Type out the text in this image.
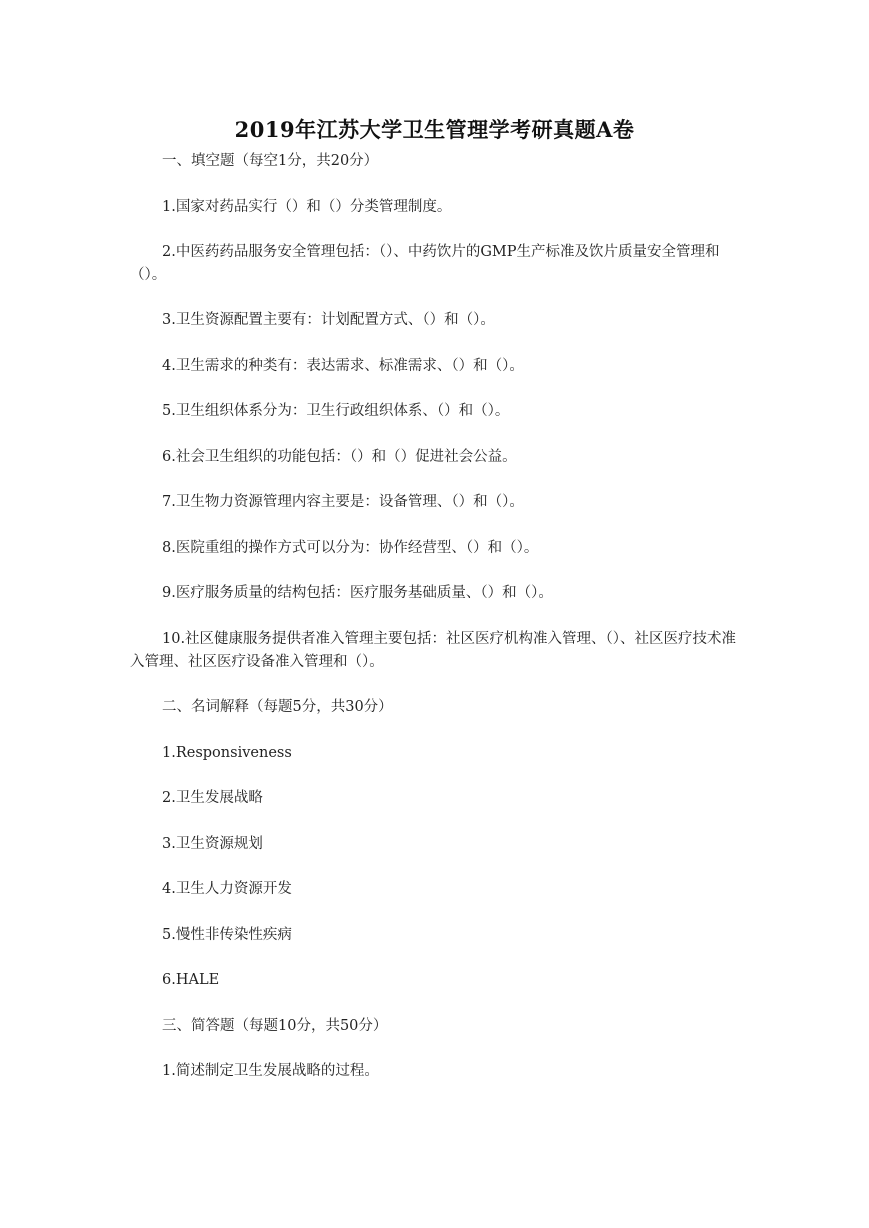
2019年江苏大学卫生管理学考研真题A卷
一、填空题（每空1分，共20分）
1.国家对药品实行（）和（）分类管理制度。
2.中医药药品服务安全管理包括：（）、中药饮片的GMP生产标准及饮片质量安全管理和（）。
3.卫生资源配置主要有：计划配置方式、（）和（）。
4.卫生需求的种类有：表达需求、标准需求、（）和（）。
5.卫生组织体系分为：卫生行政组织体系、（）和（）。
6.社会卫生组织的功能包括：（）和（）促进社会公益。
7.卫生物力资源管理内容主要是：设备管理、（）和（）。
8.医院重组的操作方式可以分为：协作经营型、（）和（）。
9.医疗服务质量的结构包括：医疗服务基础质量、（）和（）。
10.社区健康服务提供者准入管理主要包括：社区医疗机构准入管理、（）、社区医疗技术准入管理、社区医疗设备准入管理和（）。
二、名词解释（每题5分，共30分）
1.Responsiveness
2.卫生发展战略
3.卫生资源规划
4.卫生人力资源开发
5.慢性非传染性疾病
6.HALE
三、简答题（每题10分，共50分）
1.简述制定卫生发展战略的过程。
